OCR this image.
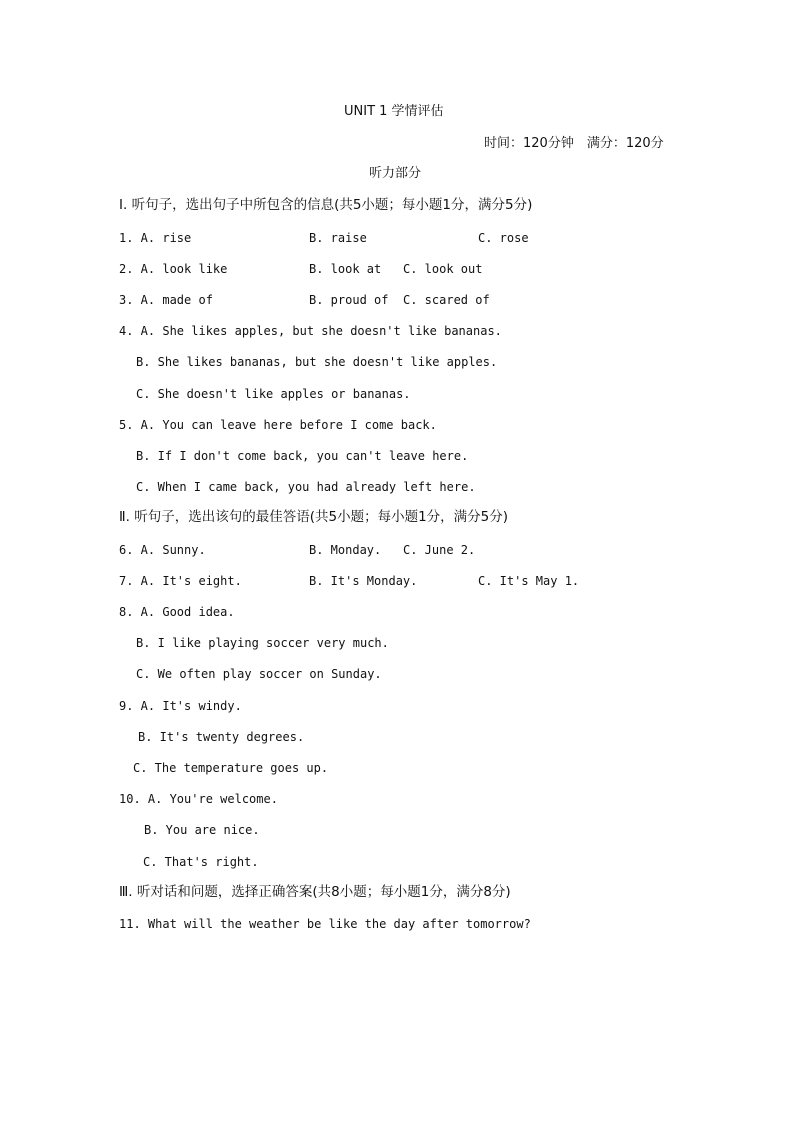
UNIT 1 学情评估
时间：120分钟　满分：120分
听力部分
Ⅰ. 听句子，选出句子中所包含的信息(共5小题；每小题1分，满分5分)
1. A. rise	B. raise	C. rose
2. A. look like	B. look at C. look out
3. A. made of	B. proud of C. scared of
4. A. She likes apples, but she doesn't like bananas.
B. She likes bananas, but she doesn't like apples.
C. She doesn't like apples or bananas.
5. A. You can leave here before I come back.
B. If I don't come back, you can't leave here.
C. When I came back, you had already left here.
Ⅱ. 听句子，选出该句的最佳答语(共5小题；每小题1分，满分5分)
6. A. Sunny.	B. Monday. C. June 2.
7. A. It's eight.	B. It's Monday.	C. It's May 1.
8. A. Good idea.
B. I like playing soccer very much.
C. We often play soccer on Sunday.
9. A. It's windy.
B. It's twenty degrees.
C. The temperature goes up.
10. A. You're welcome.
B. You are nice.
C. That's right.
Ⅲ. 听对话和问题，选择正确答案(共8小题；每小题1分，满分8分)
11. What will the weather be like the day after tomorrow?
